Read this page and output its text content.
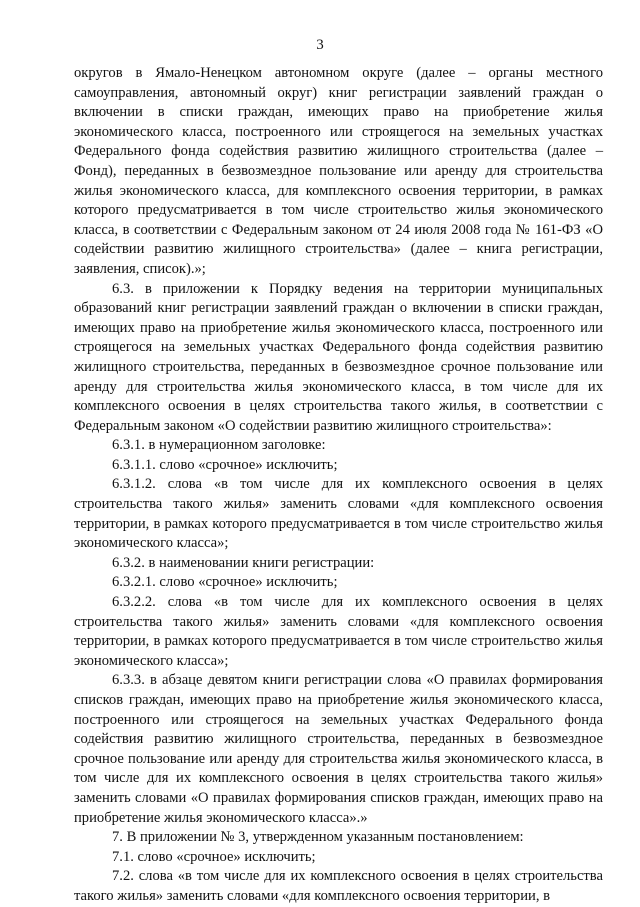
3

округов в Ямало-Ненецком автономном округе (далее – органы местного самоуправления, автономный округ) книг регистрации заявлений граждан о включении в списки граждан, имеющих право на приобретение жилья экономического класса, построенного или строящегося на земельных участках Федерального фонда содействия развитию жилищного строительства (далее – Фонд), переданных в безвозмездное пользование или аренду для строительства жилья экономического класса, для комплексного освоения территории, в рамках которого предусматривается в том числе строительство жилья экономического класса, в соответствии с Федеральным законом от 24 июля 2008 года № 161-ФЗ «О содействии развитию жилищного строительства» (далее – книга регистрации, заявления, список).»;

6.3. в приложении к Порядку ведения на территории муниципальных образований книг регистрации заявлений граждан о включении в списки граждан, имеющих право на приобретение жилья экономического класса, построенного или строящегося на земельных участках Федерального фонда содействия развитию жилищного строительства, переданных в безвозмездное срочное пользование или аренду для строительства жилья экономического класса, в том числе для их комплексного освоения в целях строительства такого жилья, в соответствии с Федеральным законом «О содействии развитию жилищного строительства»:

6.3.1. в нумерационном заголовке:

6.3.1.1. слово «срочное» исключить;

6.3.1.2. слова «в том числе для их комплексного освоения в целях строительства такого жилья» заменить словами «для комплексного освоения территории, в рамках которого предусматривается в том числе строительство жилья экономического класса»;

6.3.2. в наименовании книги регистрации:

6.3.2.1. слово «срочное» исключить;

6.3.2.2. слова «в том числе для их комплексного освоения в целях строительства такого жилья» заменить словами «для комплексного освоения территории, в рамках которого предусматривается в том числе строительство жилья экономического класса»;

6.3.3. в абзаце девятом книги регистрации слова «О правилах формирования списков граждан, имеющих право на приобретение жилья экономического класса, построенного или строящегося на земельных участках Федерального фонда содействия развитию жилищного строительства, переданных в безвозмездное срочное пользование или аренду для строительства жилья экономического класса, в том числе для их комплексного освоения в целях строительства такого жилья» заменить словами «О правилах формирования списков граждан, имеющих право на приобретение жилья экономического класса».»

7. В приложении № 3, утвержденном указанным постановлением:

7.1. слово «срочное» исключить;

7.2. слова «в том числе для их комплексного освоения в целях строительства такого жилья» заменить словами «для комплексного освоения территории, в
